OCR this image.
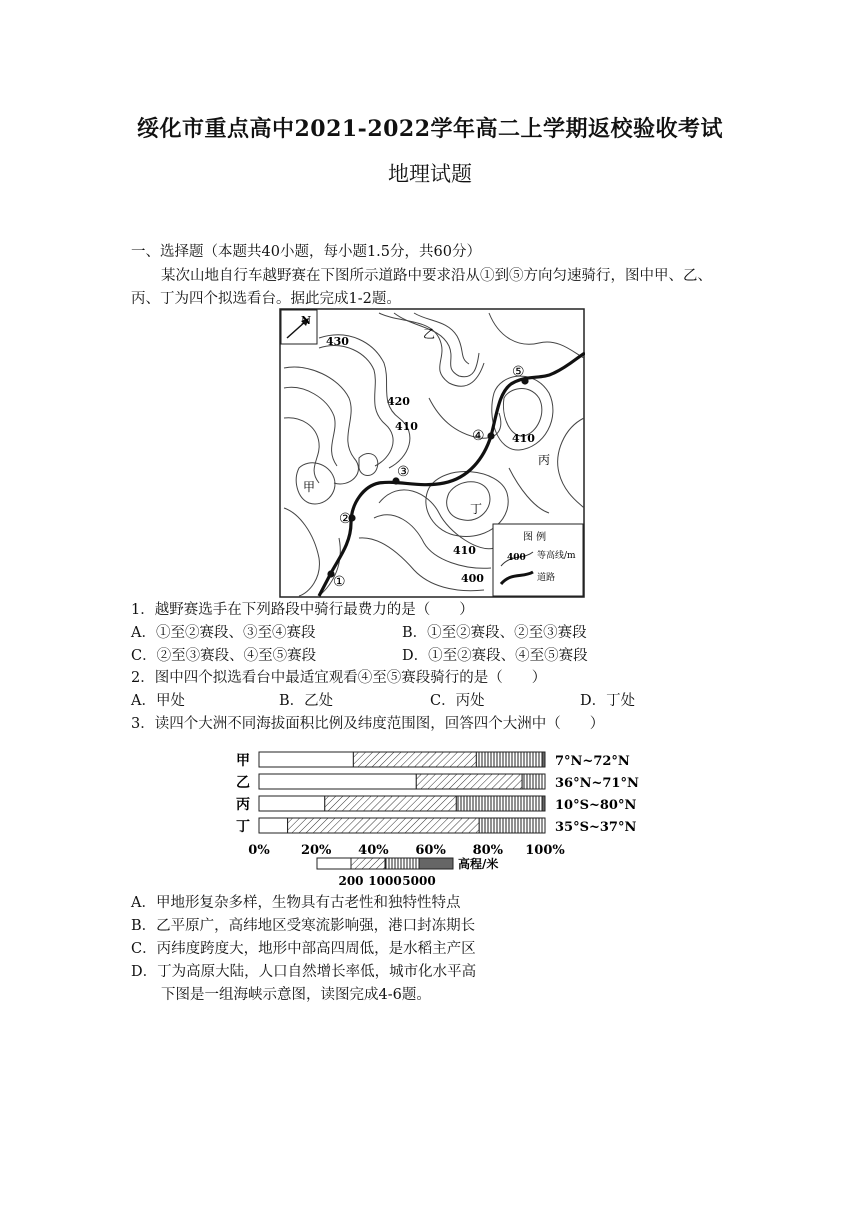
绥化市重点高中2021-2022学年高二上学期返校验收考试
地理试题
一、选择题（本题共40小题，每小题1.5分，共60分）
某次山地自行车越野赛在下图所示道路中要求沿从①到⑤方向匀速骑行，图中甲、乙、
丙、丁为四个拟选看台。据此完成1-2题。
N
①
②
③
④
⑤
430
420
410
410
410
400
甲
乙
丙
丁
图 例
400 等高线/m
道路
1．越野赛选手在下列路段中骑行最费力的是（　　）
A．①至②赛段、③至④赛段	B．①至②赛段、②至③赛段
C．②至③赛段、④至⑤赛段	D．①至②赛段、④至⑤赛段
2．图中四个拟选看台中最适宜观看④至⑤赛段骑行的是（　　）
A．甲处	B．乙处	C．丙处	D．丁处
3．读四个大洲不同海拔面积比例及纬度范围图，回答四个大洲中（　　）
甲
乙
丙
丁
7°N~72°N
36°N~71°N
10°S~80°N
35°S~37°N
0% 20% 40% 60% 80% 100%
高程/米
200 1000 5000
A．甲地形复杂多样，生物具有古老性和独特性特点
B．乙平原广，高纬地区受寒流影响强，港口封冻期长
C．丙纬度跨度大，地形中部高四周低，是水稻主产区
D．丁为高原大陆，人口自然增长率低，城市化水平高
下图是一组海峡示意图，读图完成4-6题。
